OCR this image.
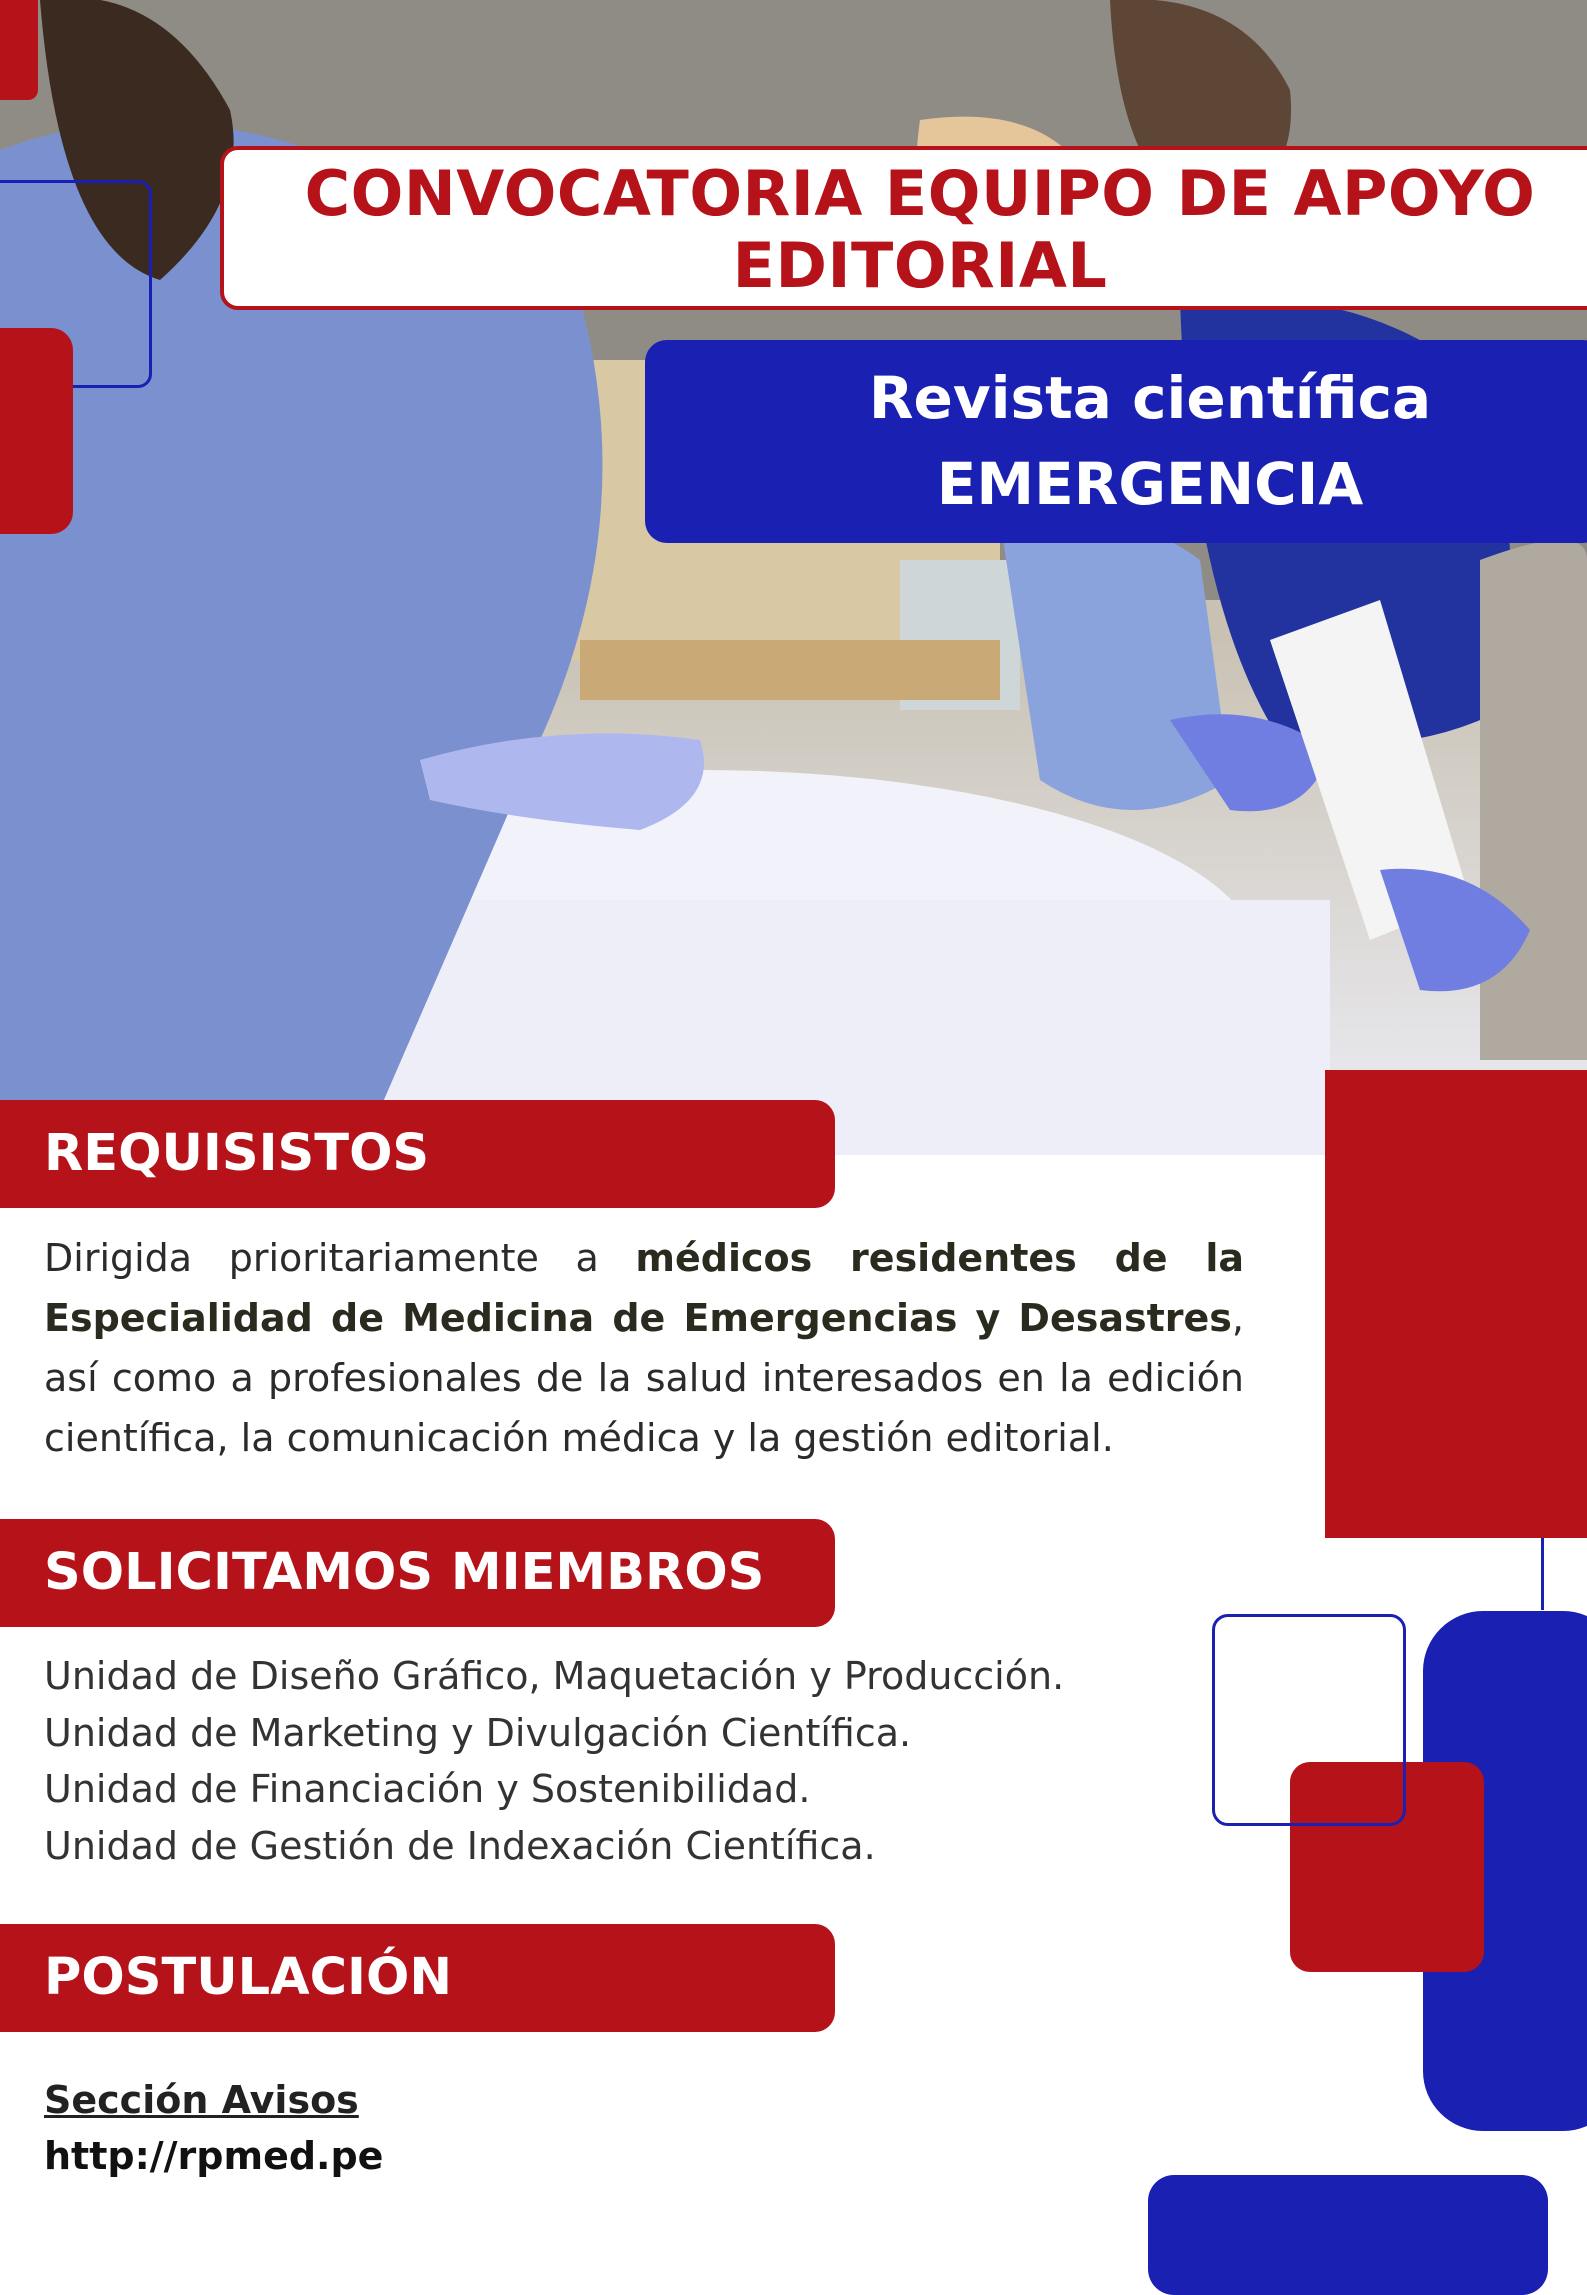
CONVOCATORIA EQUIPO DE APOYO
EDITORIAL
Revista científica
EMERGENCIA
REQUISISTOS
Dirigida prioritariamente a médicos residentes de la Especialidad de Medicina de Emergencias y Desastres, así como a profesionales de la salud interesados en la edición científica, la comunicación médica y la gestión editorial.
SOLICITAMOS MIEMBROS
Unidad de Diseño Gráfico, Maquetación y Producción.
Unidad de Marketing y Divulgación Científica.
Unidad de Financiación y Sostenibilidad.
Unidad de Gestión de Indexación Científica.
POSTULACIÓN
Sección Avisos
http://rpmed.pe
